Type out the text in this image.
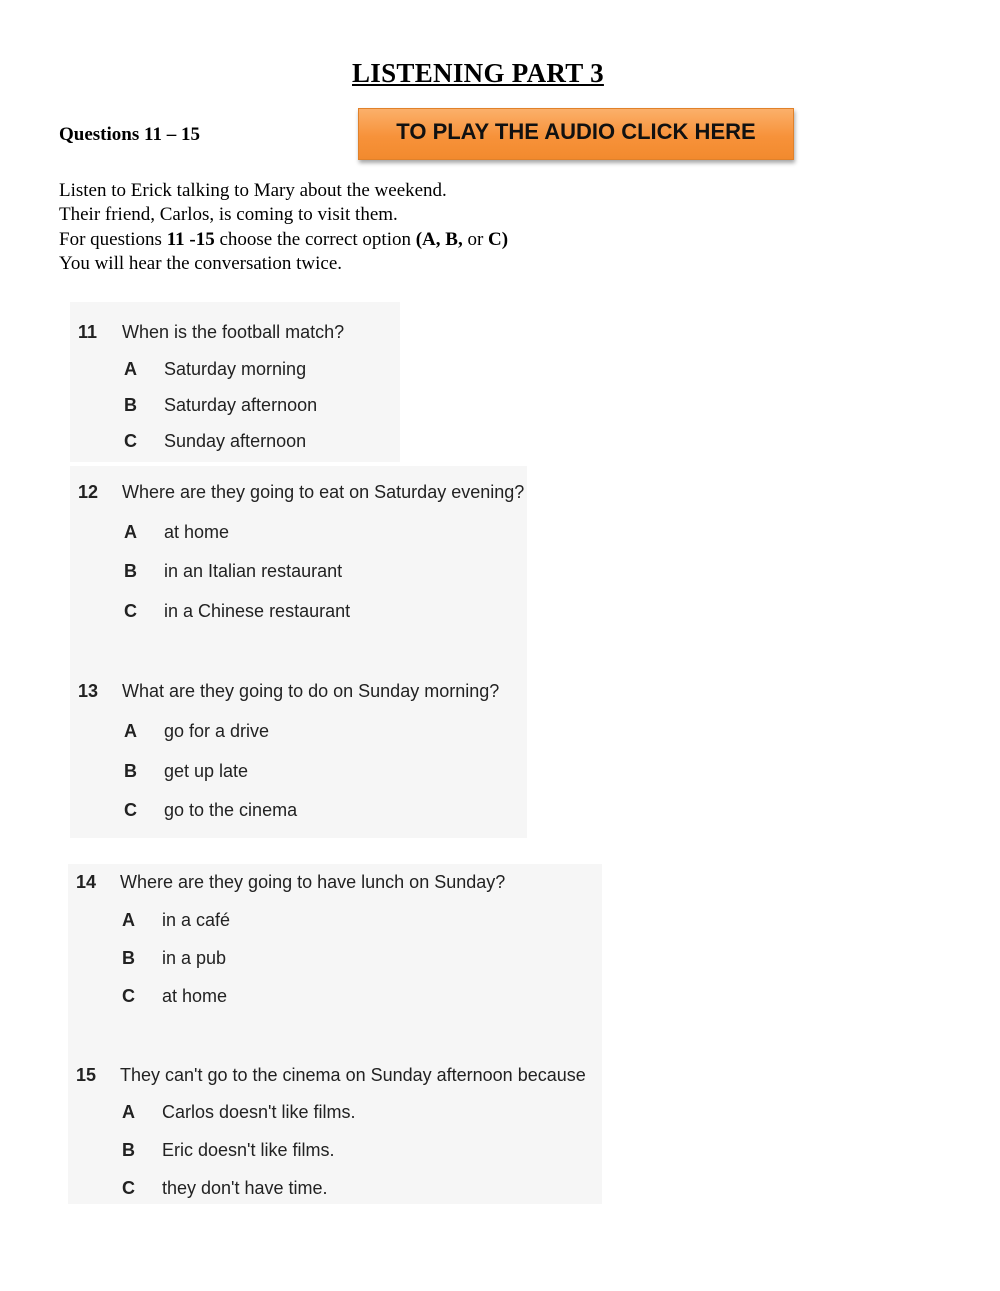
LISTENING PART 3
Questions 11 – 15	TO PLAY THE AUDIO CLICK HERE

Listen to Erick talking to Mary about the weekend.

Their friend, Carlos, is coming to visit them.

For questions 11 -15 choose the correct option (A, B, or C)

You will hear the conversation twice.

11 When is the football match?
A Saturday morning
B Saturday afternoon
C Sunday afternoon
12 Where are they going to eat on Saturday evening?
A at home
B in an Italian restaurant
C in a Chinese restaurant
13 What are they going to do on Sunday morning?
A go for a drive
B get up late
C go to the cinema
14 Where are they going to have lunch on Sunday?
A in a café
B in a pub
C at home
15 They can't go to the cinema on Sunday afternoon because
A Carlos doesn't like films.
B Eric doesn't like films.
C they don't have time.
